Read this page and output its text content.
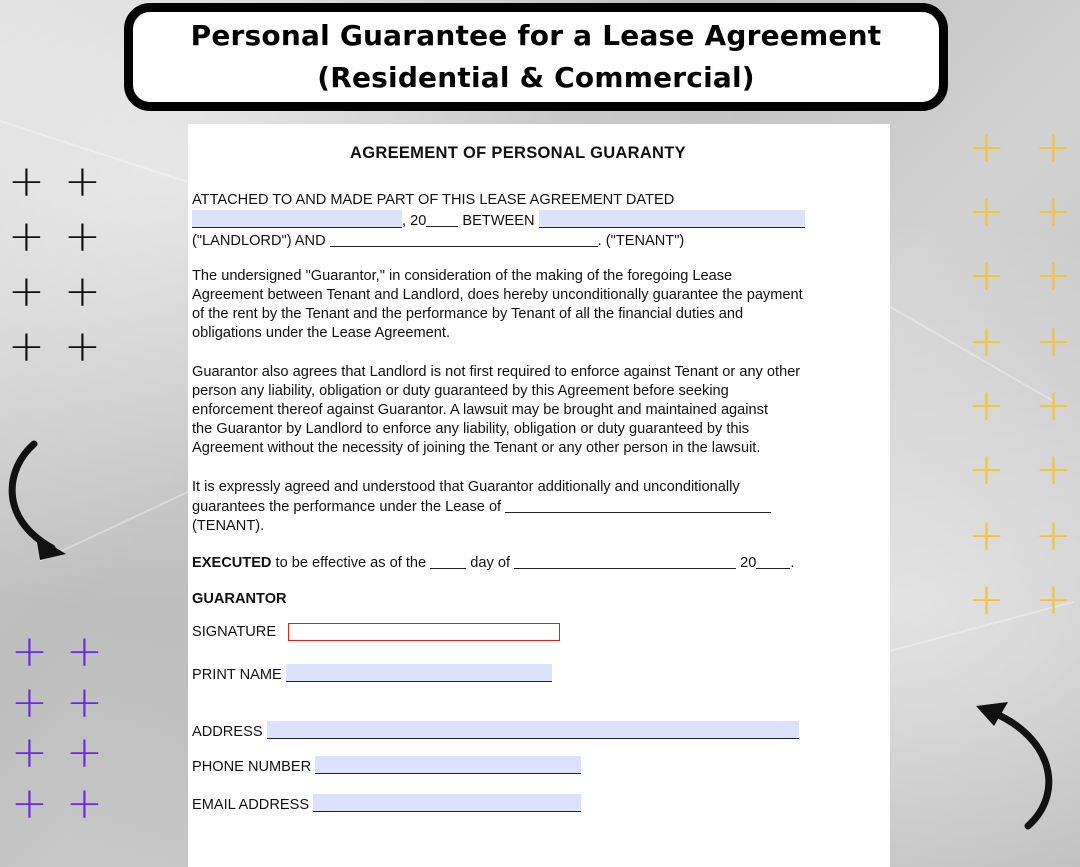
Personal Guarantee for a Lease Agreement
(Residential & Commercial)
AGREEMENT OF PERSONAL GUARANTY
ATTACHED TO AND MADE PART OF THIS LEASE AGREEMENT DATED
, 20 BETWEEN
("LANDLORD") AND	. ("TENANT")
The undersigned "Guarantor," in consideration of the making of the foregoing Lease
Agreement between Tenant and Landlord, does hereby unconditionally guarantee the payment
of the rent by the Tenant and the performance by Tenant of all the financial duties and
obligations under the Lease Agreement.
Guarantor also agrees that Landlord is not first required to enforce against Tenant or any other
person any liability, obligation or duty guaranteed by this Agreement before seeking
enforcement thereof against Guarantor. A lawsuit may be brought and maintained against
the Guarantor by Landlord to enforce any liability, obligation or duty guaranteed by this
Agreement without the necessity of joining the Tenant or any other person in the lawsuit.
It is expressly agreed and understood that Guarantor additionally and unconditionally
guarantees the performance under the Lease of
(TENANT).
EXECUTED to be effective as of the  day of	20 .
GUARANTOR
SIGNATURE
PRINT NAME
ADDRESS
PHONE NUMBER
EMAIL ADDRESS
+ +
+ +
+ +
+ +
+ +
+ +
+ +
+ +
+ +
+ +
+ +
+ +
+ +
+ +
+ +
+ +
